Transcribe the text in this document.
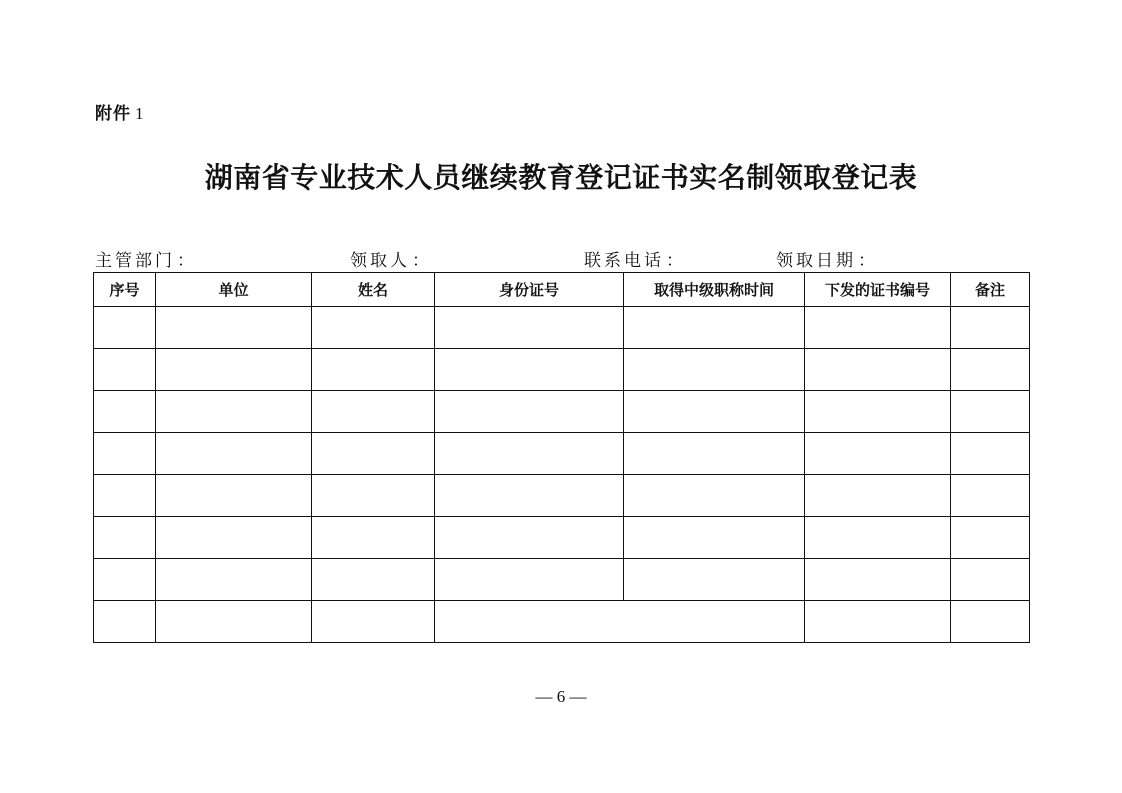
附件 1
湖南省专业技术人员继续教育登记证书实名制领取登记表
主管部门 ：	领取人 ：	联系电话 ：	领取日期 ：
序号	单位	姓名	身份证号	取得中级职称时间	下发的证书编号	备注

— 6 —
